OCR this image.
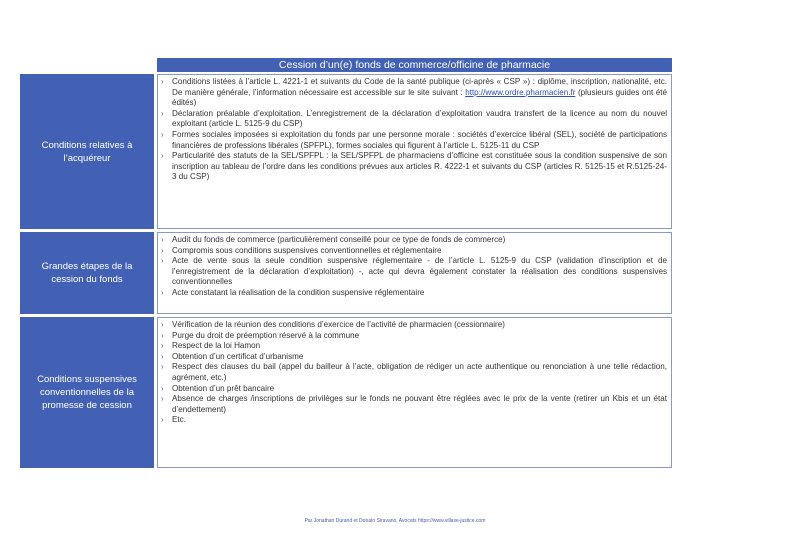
Cession d’un(e) fonds de commerce/officine de pharmacie
Conditions relatives à l’acquéreur
› Conditions listées à l’article L. 4221-1 et suivants du Code de la santé publique (ci-après « CSP ») : diplôme, inscription, nationalité, etc. De manière générale, l’information nécessaire est accessible sur le site suivant : http://www.ordre.pharmacien.fr (plusieurs guides ont été édités)
› Déclaration préalable d’exploitation. L’enregistrement de la déclaration d’exploitation vaudra transfert de la licence au nom du nouvel exploitant (article L. 5125-9 du CSP)
› Formes sociales imposées si exploitation du fonds par une personne morale : sociétés d’exercice libéral (SEL), société de participations financières de professions libérales (SPFPL), formes sociales qui figurent à l’article L. 5125-11 du CSP
› Particularité des statuts de la SEL/SPFPL : la SEL/SPFPL de pharmaciens d’officine est constituée sous la condition suspensive de son inscription au tableau de l’ordre dans les conditions prévues aux articles R. 4222-1 et suivants du CSP (articles R. 5125-15 et R.5125-24-3 du CSP)
Grandes étapes de la cession du fonds
› Audit du fonds de commerce (particulièrement conseillé pour ce type de fonds de commerce)
› Compromis sous conditions suspensives conventionnelles et réglementaire
› Acte de vente sous la seule condition suspensive réglementaire - de l’article L. 5125-9 du CSP (validation d’inscription et de l’enregistrement de la déclaration d’exploitation) -, acte qui devra également constater la réalisation des conditions suspensives conventionnelles
› Acte constatant la réalisation de la condition suspensive réglementaire
Conditions suspensives conventionnelles de la promesse de cession
› Vérification de la réunion des conditions d’exercice de l’activité de pharmacien (cessionnaire)
› Purge du droit de préemption réservé à la commune
› Respect de la loi Hamon
› Obtention d’un certificat d’urbanisme
› Respect des clauses du bail (appel du bailleur à l’acte, obligation de rédiger un acte authentique ou renonciation à une telle rédaction, agrément, etc.)
› Obtention d’un prêt bancaire
› Absence de charges /inscriptions de privilèges sur le fonds ne pouvant être réglées avec le prix de la vente (retirer un Kbis et un état d’endettement)
› Etc.
Par Jonathan Durand et Donato Siravano, Avocats https://www.villase-justice.com
